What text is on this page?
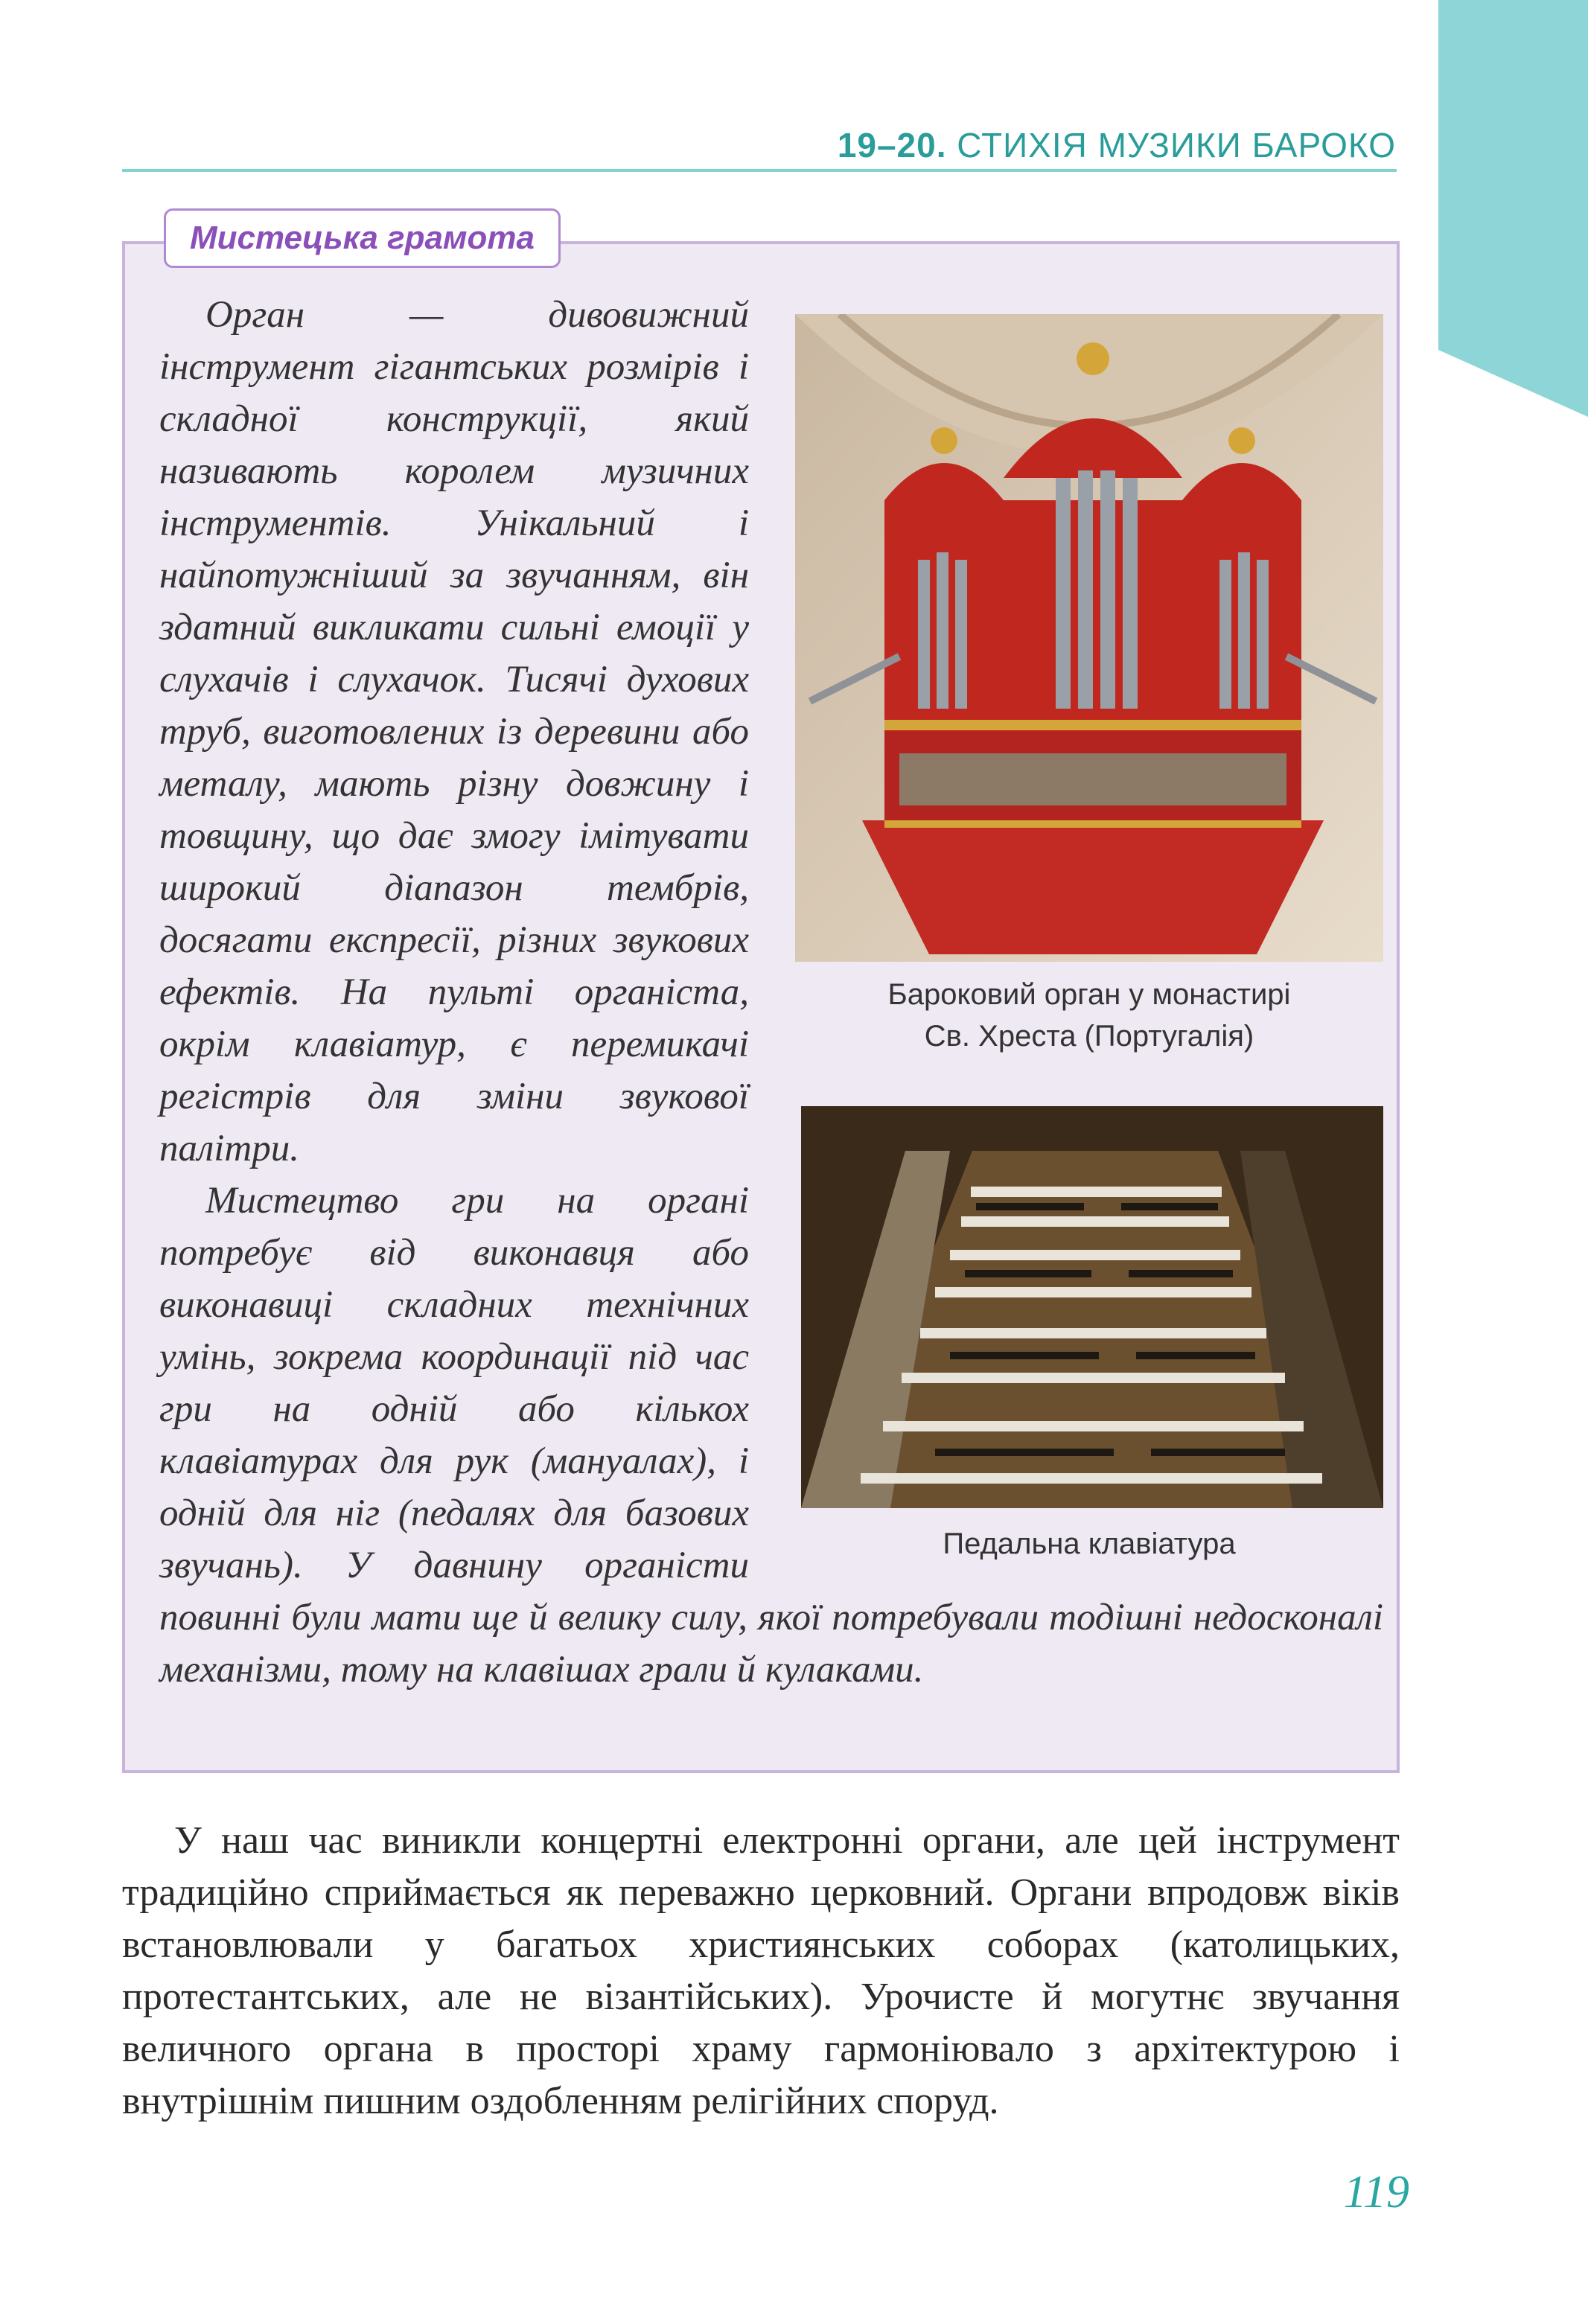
19–20. СТИХІЯ МУЗИКИ БАРОКО
Мистецька грамота
Бароковий орган у монастирі
Св. Хреста (Португалія)
Педальна клавіатура

Орган — дивовижний інструмент гігантських розмірів і складної конструкції, який називають королем музичних інструментів. Унікальний і найпотужніший за звучанням, він здатний викликати сильні емоції у слухачів і слухачок. Тисячі духових труб, виготовлених із деревини або металу, мають різну довжину і товщину, що дає змогу імітувати широкий діапазон тембрів, досягати експресії, різних звукових ефектів. На пульті органіста, окрім клавіатур, є перемикачі регістрів для зміни звукової палітри.

Мистецтво гри на органі потребує від виконавця або виконавиці складних технічних умінь, зокрема координації під час гри на одній або кількох клавіатурах для рук (мануалах), і одній для ніг (педалях для базових звучань). У давнину органісти повинні були мати ще й велику силу, якої потребували тодішні недосконалі механізми, тому на клавішах грали й кулаками.

У наш час виникли концертні електронні органи, але цей інструмент традиційно сприймається як переважно церковний. Органи впродовж віків встановлювали у багатьох християнських соборах (католицьких, протестантських, але не візантійських). Урочисте й могутнє звучання величного органа в просторі храму гармоніювало з архітектурою і внутрішнім пишним оздобленням релігійних споруд.

119
